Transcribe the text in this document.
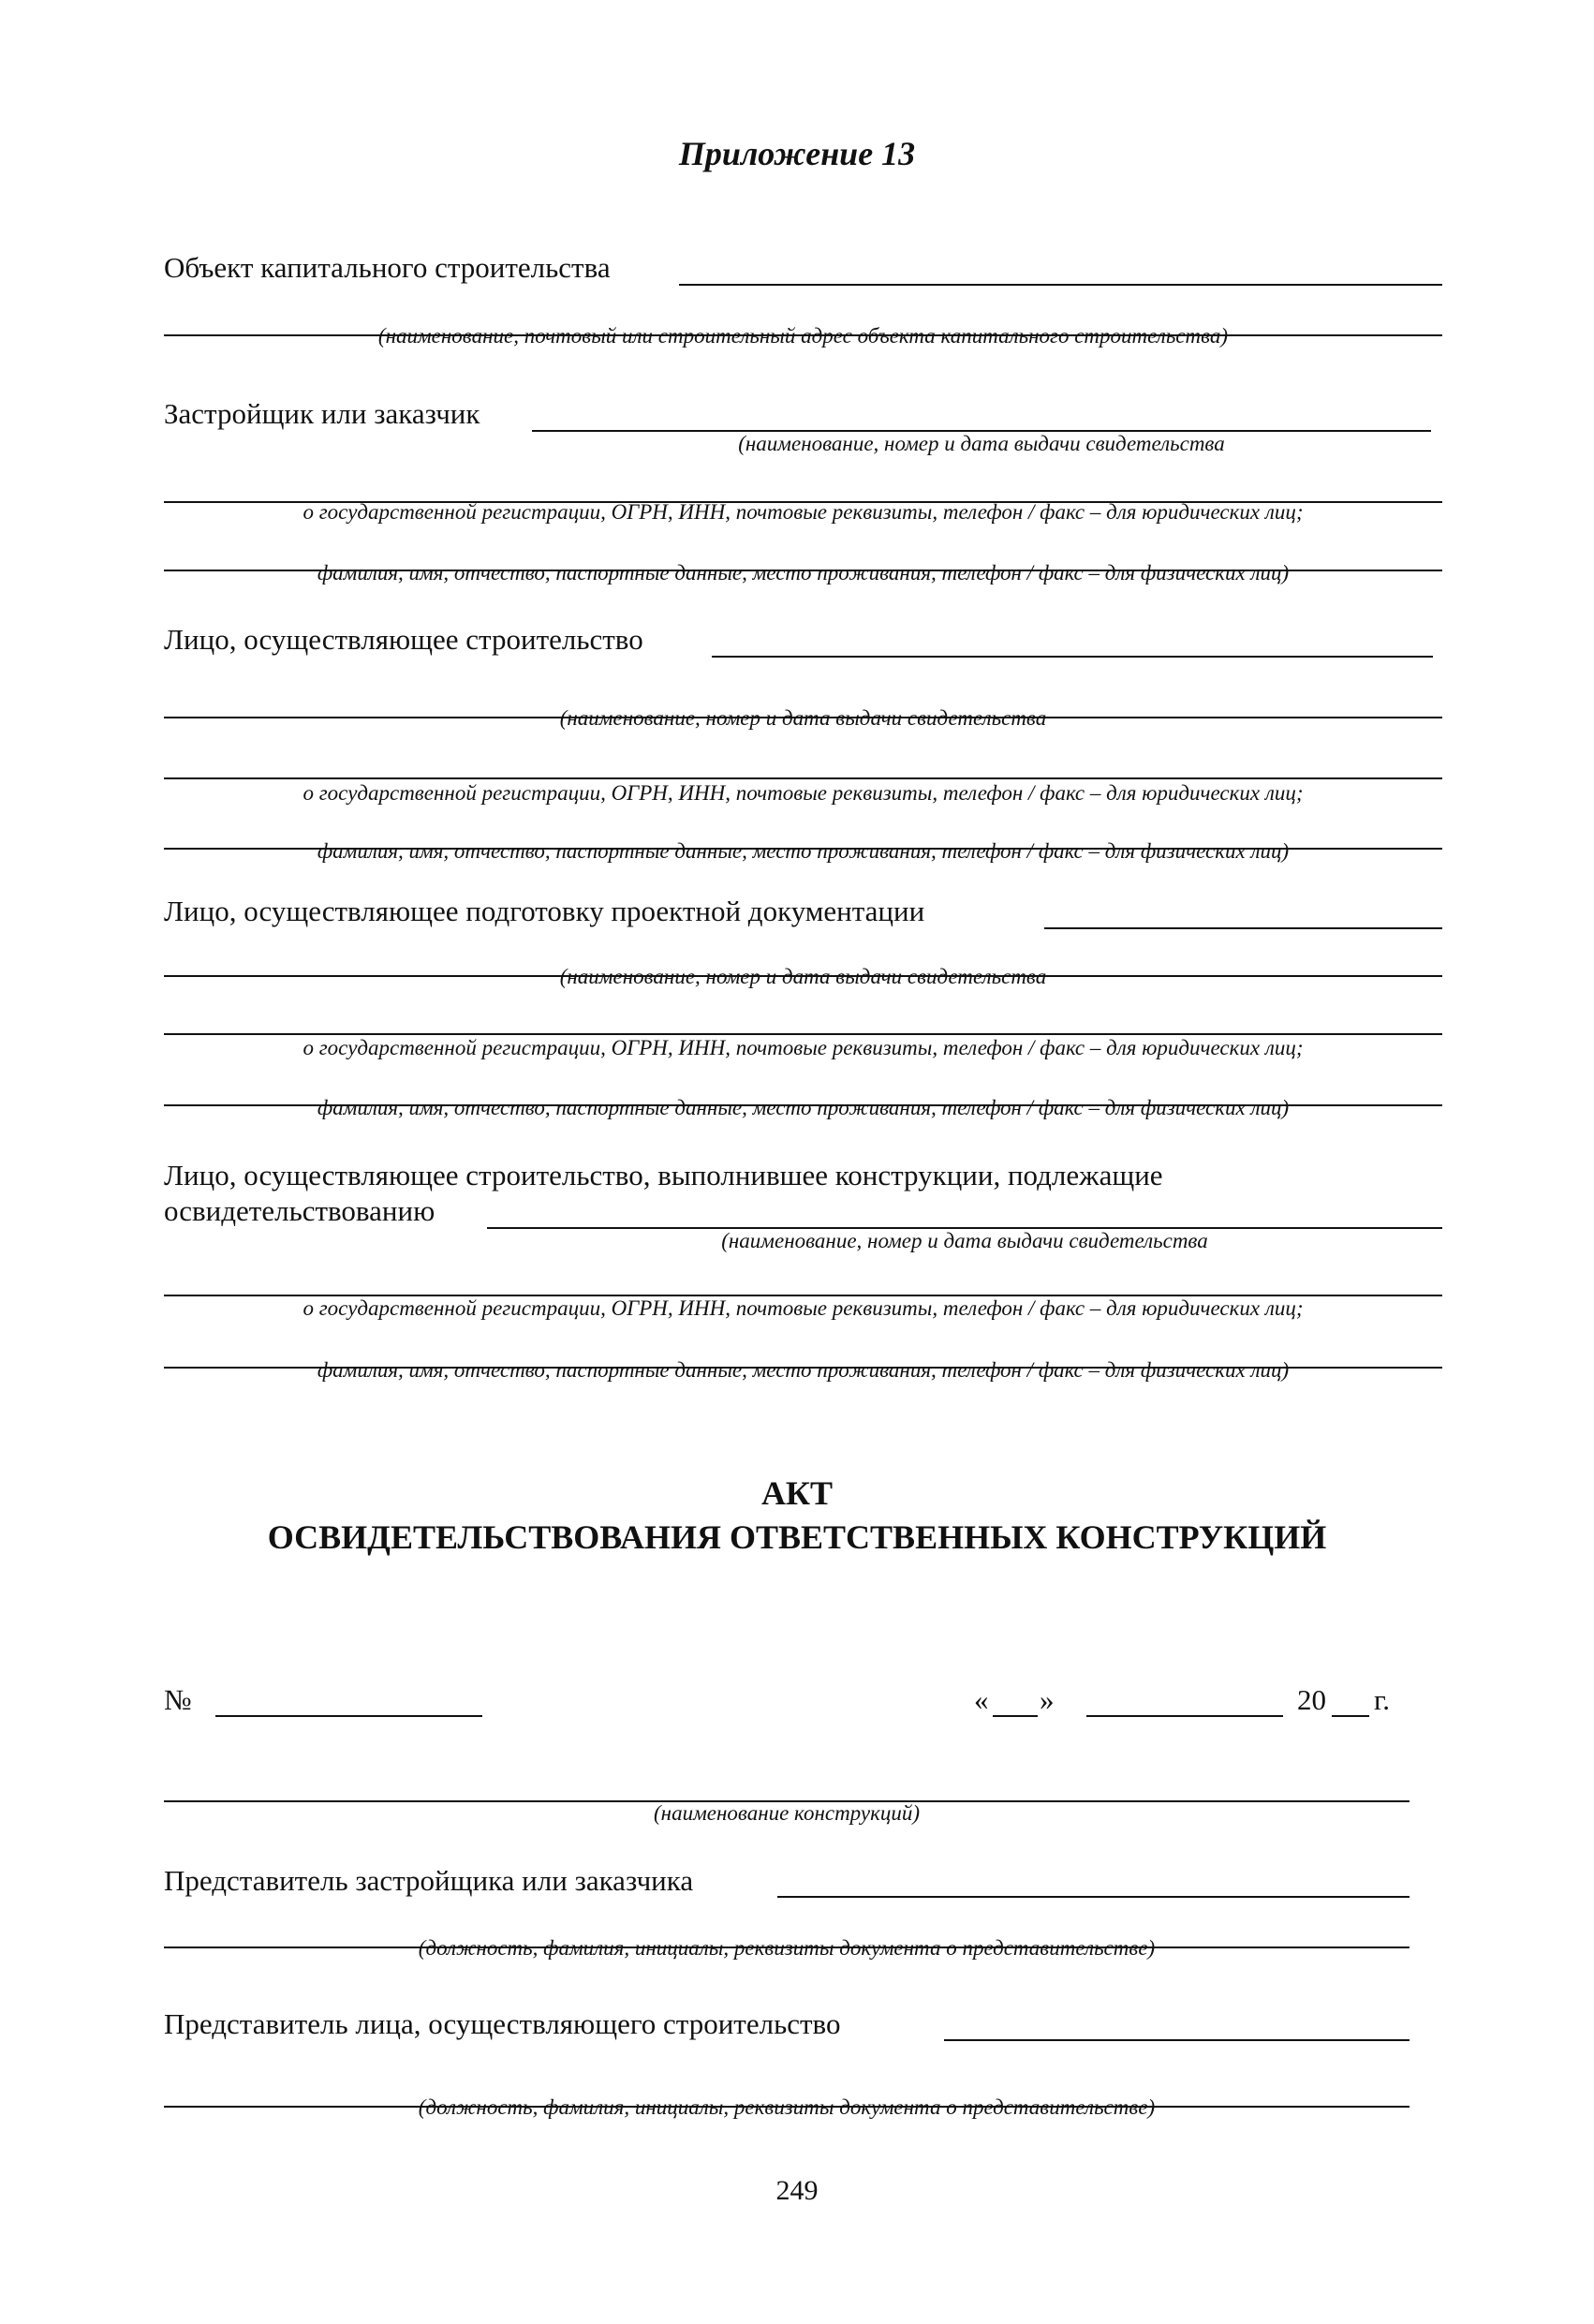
Приложение 13
Объект капитального строительства
(наименование, почтовый или строительный адрес объекта капитального строительства)
Застройщик или заказчик
(наименование, номер и дата выдачи свидетельства
о государственной регистрации, ОГРН, ИНН, почтовые реквизиты, телефон / факс – для юридических лиц;
фамилия, имя, отчество, паспортные данные, место проживания, телефон / факс – для физических лиц)
Лицо, осуществляющее строительство
(наименование, номер и дата выдачи свидетельства
о государственной регистрации, ОГРН, ИНН, почтовые реквизиты, телефон / факс – для юридических лиц;
фамилия, имя, отчество, паспортные данные, место проживания, телефон / факс – для физических лиц)
Лицо, осуществляющее подготовку проектной документации
(наименование, номер и дата выдачи свидетельства
о государственной регистрации, ОГРН, ИНН, почтовые реквизиты, телефон / факс – для юридических лиц;
фамилия, имя, отчество, паспортные данные, место проживания, телефон / факс – для физических лиц)
Лицо, осуществляющее строительство, выполнившее конструкции, подлежащие
освидетельствованию
(наименование, номер и дата выдачи свидетельства
о государственной регистрации, ОГРН, ИНН, почтовые реквизиты, телефон / факс – для юридических лиц;
фамилия, имя, отчество, паспортные данные, место проживания, телефон / факс – для физических лиц)
АКТ
ОСВИДЕТЕЛЬСТВОВАНИЯ ОТВЕТСТВЕННЫХ КОНСТРУКЦИЙ
№	« »	20 г.
(наименование конструкций)
Представитель застройщика или заказчика
(должность, фамилия, инициалы, реквизиты документа о представительстве)
Представитель лица, осуществляющего строительство
(должность, фамилия, инициалы, реквизиты документа о представительстве)
249
